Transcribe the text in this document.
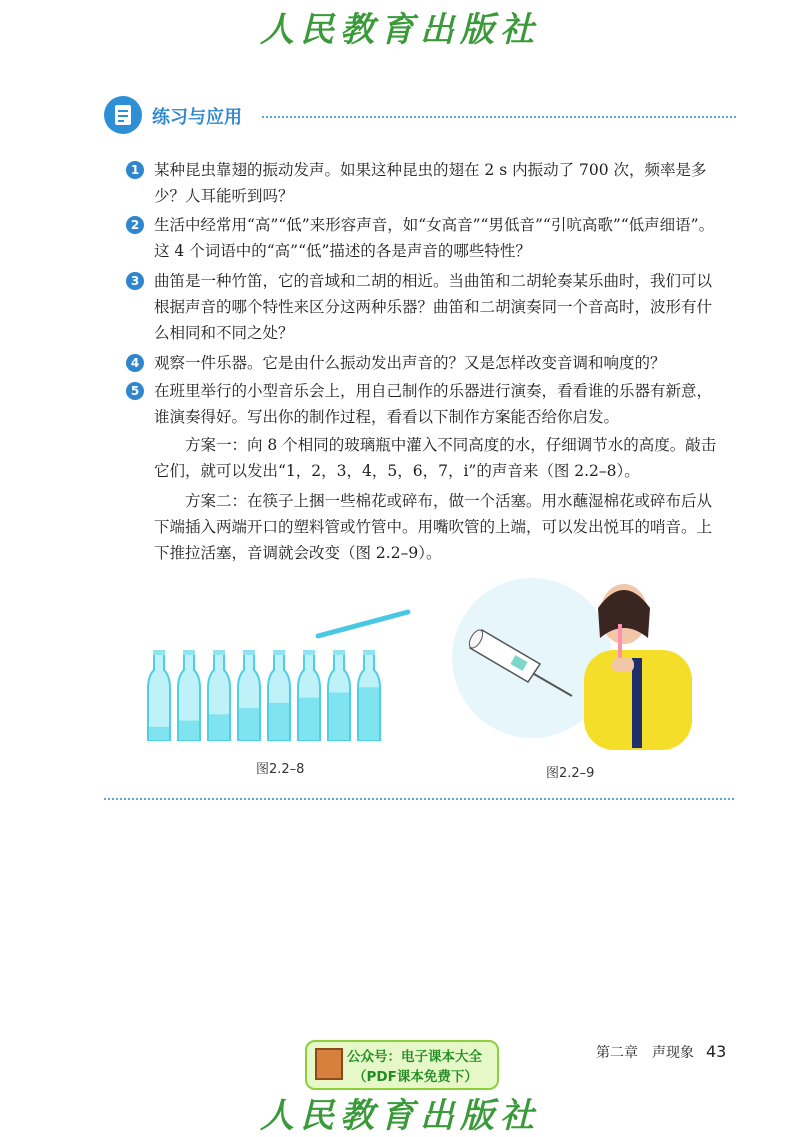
人民教育出版社
练习与应用
1 某种昆虫靠翅的振动发声。如果这种昆虫的翅在 2 s 内振动了 700 次，频率是多少？人耳能听到吗？
2 生活中经常用“高”“低”来形容声音，如“女高音”“男低音”“引吭高歌”“低声细语”。这 4 个词语中的“高”“低”描述的各是声音的哪些特性？
3 曲笛是一种竹笛，它的音域和二胡的相近。当曲笛和二胡轮奏某乐曲时，我们可以根据声音的哪个特性来区分这两种乐器？曲笛和二胡演奏同一个音高时，波形有什么相同和不同之处？
4 观察一件乐器。它是由什么振动发出声音的？又是怎样改变音调和响度的？
5 在班里举行的小型音乐会上，用自己制作的乐器进行演奏，看看谁的乐器有新意，谁演奏得好。写出你的制作过程，看看以下制作方案能否给你启发。
方案一：向 8 个相同的玻璃瓶中灌入不同高度的水，仔细调节水的高度。敲击它们，就可以发出“1，2，3，4，5，6，7，i”的声音来（图 2.2–8）。
方案二：在筷子上捆一些棉花或碎布，做一个活塞。用水蘸湿棉花或碎布后从下端插入两端开口的塑料管或竹管中。用嘴吹管的上端，可以发出悦耳的哨音。上下推拉活塞，音调就会改变（图 2.2–9）。
图2.2–8	图2.2–9
公众号：电子课本大全
（PDF课本免费下）
第二章　声现象 43
人民教育出版社
